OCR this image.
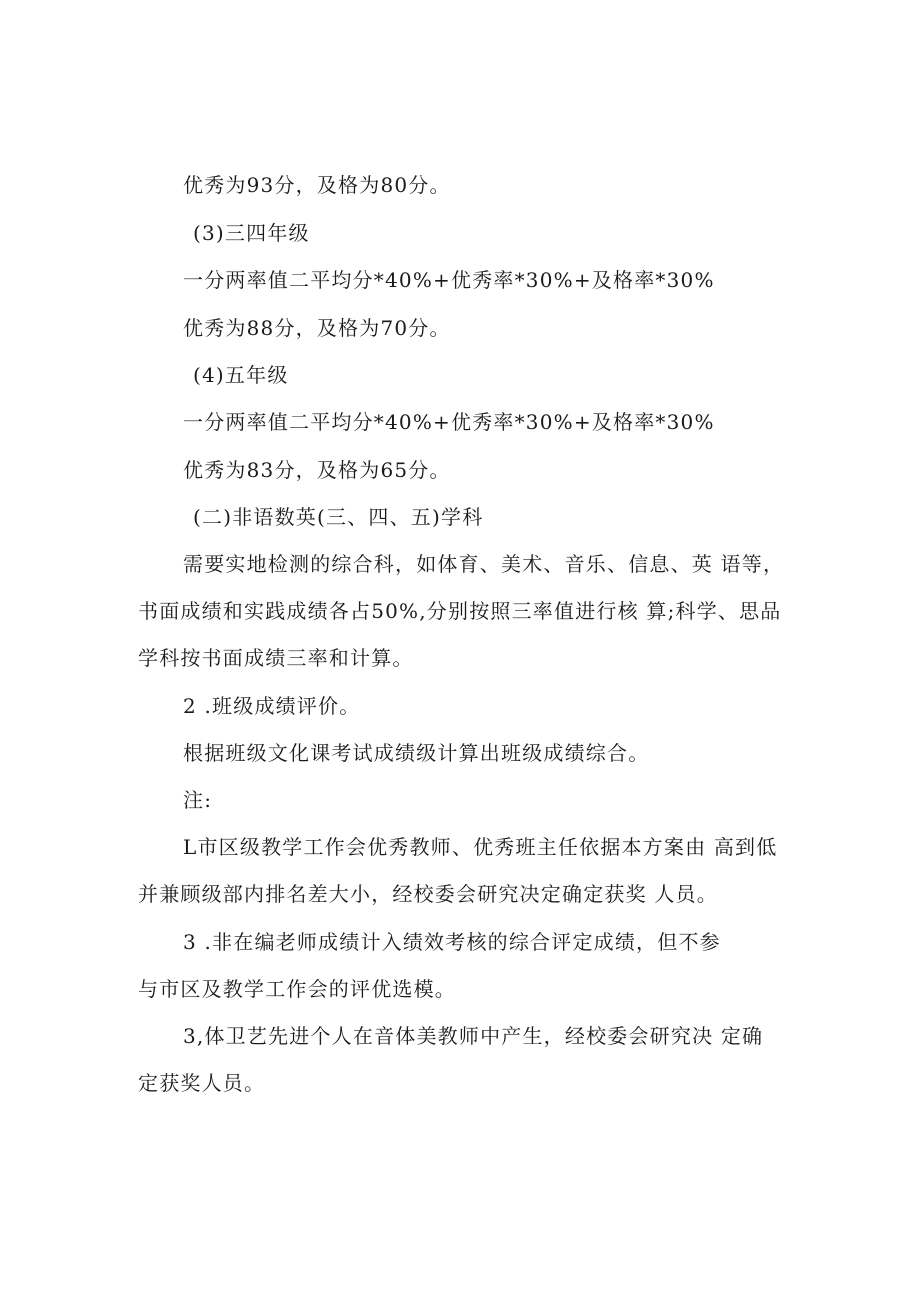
优秀为93分，及格为80分。
(3)三四年级
一分两率值二平均分*40%+优秀率*30%+及格率*30%
优秀为88分，及格为70分。
(4)五年级
一分两率值二平均分*40%+优秀率*30%+及格率*30%
优秀为83分，及格为65分。
(二)非语数英(三、四、五)学科
需要实地检测的综合科，如体育、美术、音乐、信息、英 语等，
书面成绩和实践成绩各占50%,分别按照三率值进行核 算;科学、思品
学科按书面成绩三率和计算。
2 .班级成绩评价。
根据班级文化课考试成绩级计算出班级成绩综合。
注:
L市区级教学工作会优秀教师、优秀班主任依据本方案由 高到低
并兼顾级部内排名差大小，经校委会研究决定确定获奖 人员。
3 .非在编老师成绩计入绩效考核的综合评定成绩，但不参
与市区及教学工作会的评优选模。
3,体卫艺先进个人在音体美教师中产生，经校委会研究决 定确
定获奖人员。
